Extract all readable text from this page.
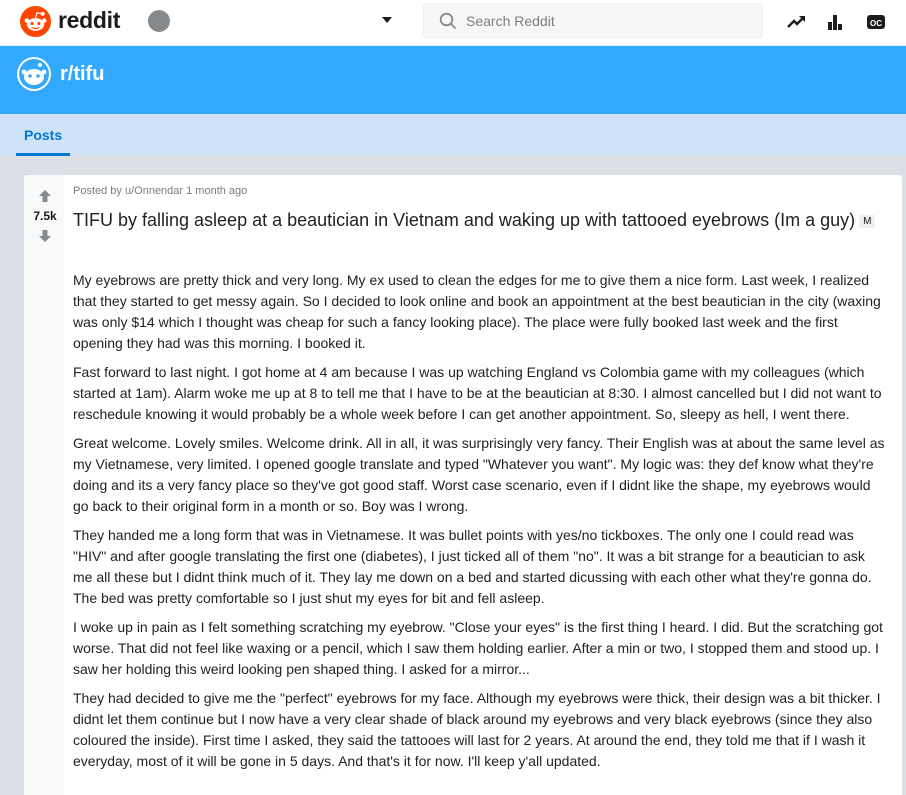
reddit
Search Reddit	OC
r/tifu
Posts
7.5k
Posted by u/Onnendar 1 month ago
TIFU by falling asleep at a beautician in Vietnam and waking up with tattooed eyebrows (Im a guy) M

My eyebrows are pretty thick and very long. My ex used to clean the edges for me to give them a nice form. Last week, I realized that they started to get messy again. So I decided to look online and book an appointment at the best beautician in the city (waxing was only $14 which I thought was cheap for such a fancy looking place). The place were fully booked last week and the first opening they had was this morning. I booked it.

Fast forward to last night. I got home at 4 am because I was up watching England vs Colombia game with my colleagues (which started at 1am). Alarm woke me up at 8 to tell me that I have to be at the beautician at 8:30. I almost cancelled but I did not want to reschedule knowing it would probably be a whole week before I can get another appointment. So, sleepy as hell, I went there.

Great welcome. Lovely smiles. Welcome drink. All in all, it was surprisingly very fancy. Their English was at about the same level as my Vietnamese, very limited. I opened google translate and typed "Whatever you want". My logic was: they def know what they're doing and its a very fancy place so they've got good staff. Worst case scenario, even if I didnt like the shape, my eyebrows would go back to their original form in a month or so. Boy was I wrong.

They handed me a long form that was in Vietnamese. It was bullet points with yes/no tickboxes. The only one I could read was "HIV" and after google translating the first one (diabetes), I just ticked all of them "no". It was a bit strange for a beautician to ask me all these but I didnt think much of it. They lay me down on a bed and started dicussing with each other what they're gonna do. The bed was pretty comfortable so I just shut my eyes for bit and fell asleep.

I woke up in pain as I felt something scratching my eyebrow. "Close your eyes" is the first thing I heard. I did. But the scratching got worse. That did not feel like waxing or a pencil, which I saw them holding earlier. After a min or two, I stopped them and stood up. I saw her holding this weird looking pen shaped thing. I asked for a mirror...

They had decided to give me the "perfect" eyebrows for my face. Although my eyebrows were thick, their design was a bit thicker. I didnt let them continue but I now have a very clear shade of black around my eyebrows and very black eyebrows (since they also coloured the inside). First time I asked, they said the tattooes will last for 2 years. At around the end, they told me that if I wash it everyday, most of it will be gone in 5 days. And that's it for now. I'll keep y'all updated.
